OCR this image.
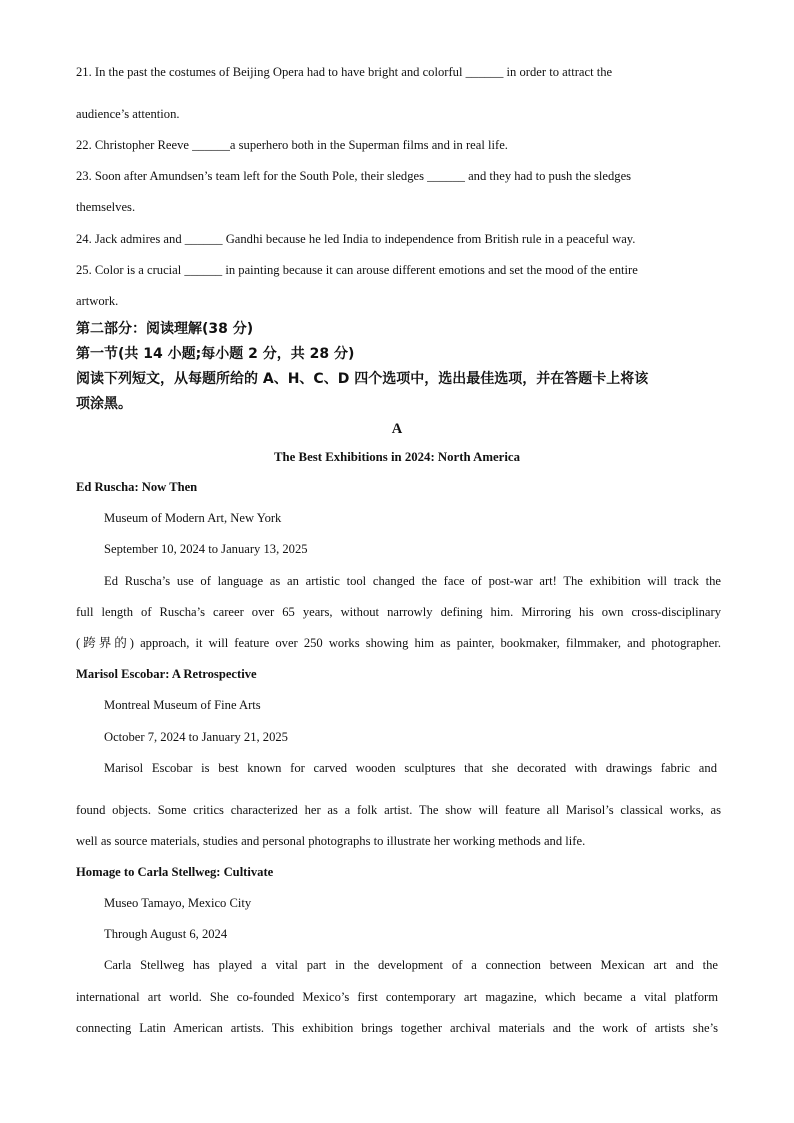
21. In the past the costumes of Beijing Opera had to have bright and colorful ______ in order to attract the
audience’s attention.
22. Christopher Reeve ______a superhero both in the Superman films and in real life.
23. Soon after Amundsen’s team left for the South Pole, their sledges ______ and they had to push the sledges
themselves.
24. Jack admires and ______ Gandhi because he led India to independence from British rule in a peaceful way.
25. Color is a crucial ______ in painting because it can arouse different emotions and set the mood of the entire
artwork.
第二部分：阅读理解(38 分)
第一节(共 14 小题;每小题 2 分，共 28 分)
阅读下列短文，从每题所给的 A、H、C、D 四个选项中，选出最佳选项，并在答题卡上将该
项涂黑。
A
The Best Exhibitions in 2024: North America
Ed Ruscha: Now Then
Museum of Modern Art, New York
September 10, 2024 to January 13, 2025
Ed Ruscha’s use of language as an artistic tool changed the face of post-war art! The exhibition will track the
full length of Ruscha’s career over 65 years, without narrowly defining him. Mirroring his own cross-disciplinary
(跨界的) approach, it will feature over 250 works showing him as painter, bookmaker, filmmaker, and photographer.
Marisol Escobar: A Retrospective
Montreal Museum of Fine Arts
October 7, 2024 to January 21, 2025
Marisol Escobar is best known for carved wooden sculptures that she decorated with drawings fabric and
found objects. Some critics characterized her as a folk artist. The show will feature all Marisol’s classical works, as
well as source materials, studies and personal photographs to illustrate her working methods and life.
Homage to Carla Stellweg: Cultivate
Museo Tamayo, Mexico City
Through August 6, 2024
Carla Stellweg has played a vital part in the development of a connection between Mexican art and the
international art world. She co-founded Mexico’s first contemporary art magazine, which became a vital platform
connecting Latin American artists. This exhibition brings together archival materials and the work of artists she’s
